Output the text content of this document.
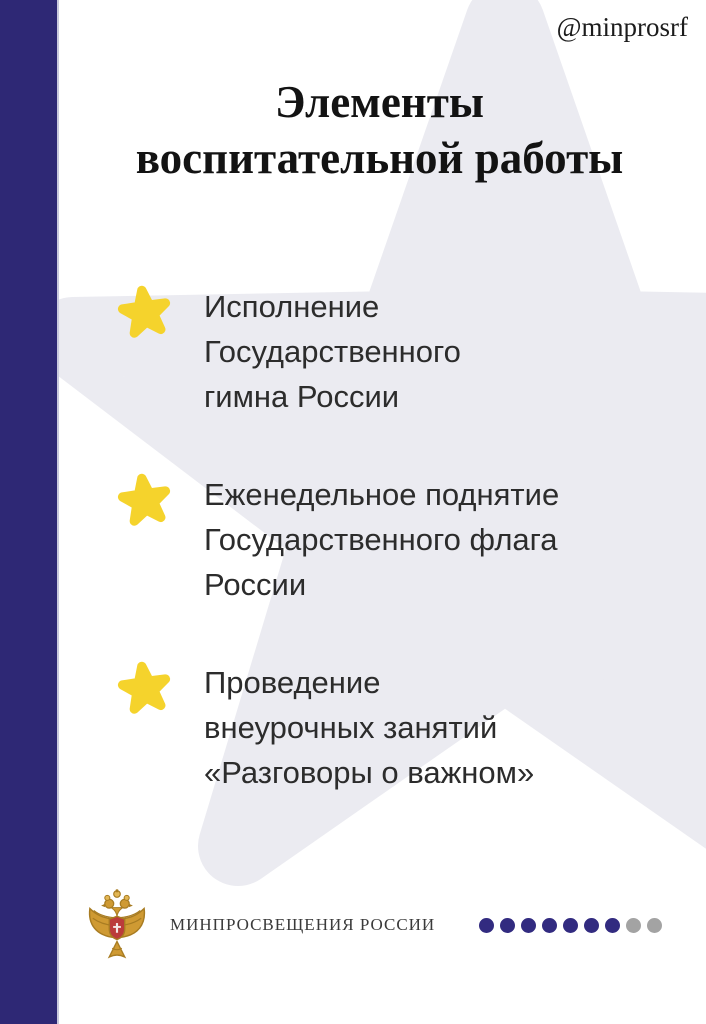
@minprosrf
Элементы
воспитательной работы
Исполнение
Государственного
гимна России
Еженедельное поднятие
Государственного флага
России
Проведение
внеурочных занятий
«Разговоры о важном»
МИНПРОСВЕЩЕНИЯ РОССИИ
